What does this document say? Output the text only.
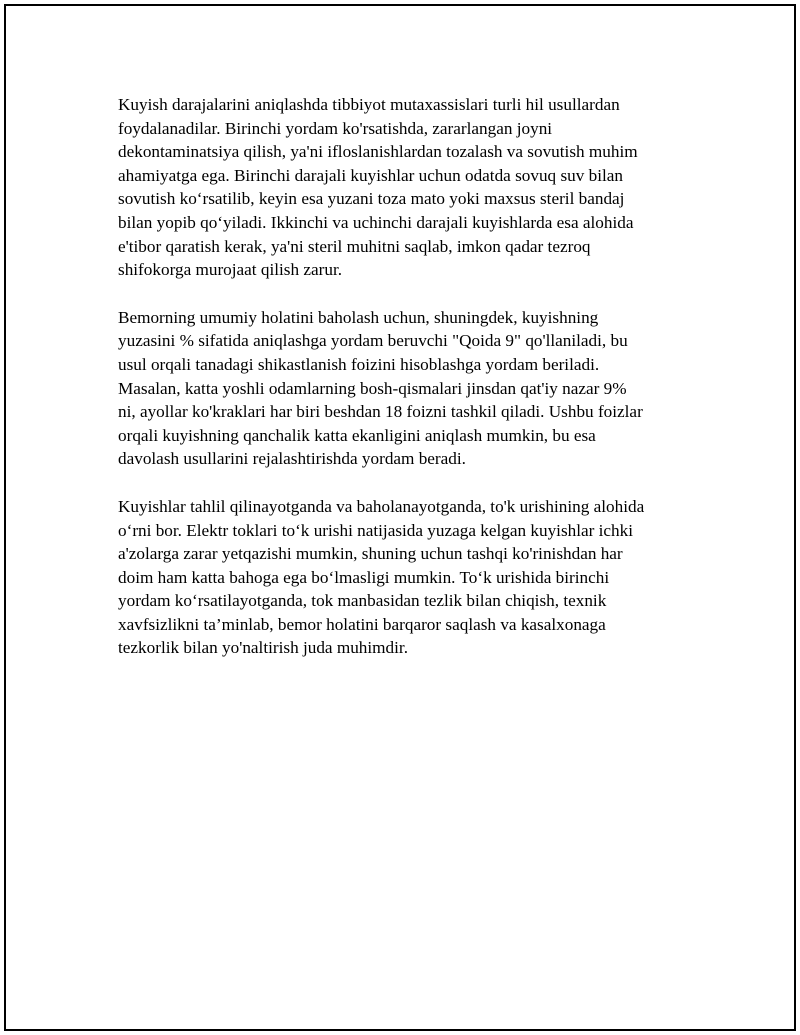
Kuyish darajalarini aniqlashda tibbiyot mutaxassislari turli hil usullardan
foydalanadilar. Birinchi yordam ko'rsatishda, zararlangan joyni
dekontaminatsiya qilish, ya'ni ifloslanishlardan tozalash va sovutish muhim
ahamiyatga ega. Birinchi darajali kuyishlar uchun odatda sovuq suv bilan
sovutish ko‘rsatilib, keyin esa yuzani toza mato yoki maxsus steril bandaj
bilan yopib qo‘yiladi. Ikkinchi va uchinchi darajali kuyishlarda esa alohida
e'tibor qaratish kerak, ya'ni steril muhitni saqlab, imkon qadar tezroq
shifokorga murojaat qilish zarur.

Bemorning umumiy holatini baholash uchun, shuningdek, kuyishning
yuzasini % sifatida aniqlashga yordam beruvchi "Qoida 9" qo'llaniladi, bu
usul orqali tanadagi shikastlanish foizini hisoblashga yordam beriladi.
Masalan, katta yoshli odamlarning bosh-qismalari jinsdan qat'iy nazar 9%
ni, ayollar ko'kraklari har biri beshdan 18 foizni tashkil qiladi. Ushbu foizlar
orqali kuyishning qanchalik katta ekanligini aniqlash mumkin, bu esa
davolash usullarini rejalashtirishda yordam beradi.

Kuyishlar tahlil qilinayotganda va baholanayotganda, to'k urishining alohida
o‘rni bor. Elektr toklari to‘k urishi natijasida yuzaga kelgan kuyishlar ichki
a'zolarga zarar yetqazishi mumkin, shuning uchun tashqi ko'rinishdan har
doim ham katta bahoga ega bo‘lmasligi mumkin. To‘k urishida birinchi
yordam ko‘rsatilayotganda, tok manbasidan tezlik bilan chiqish, texnik
xavfsizlikni ta’minlab, bemor holatini barqaror saqlash va kasalxonaga
tezkorlik bilan yo'naltirish juda muhimdir.
